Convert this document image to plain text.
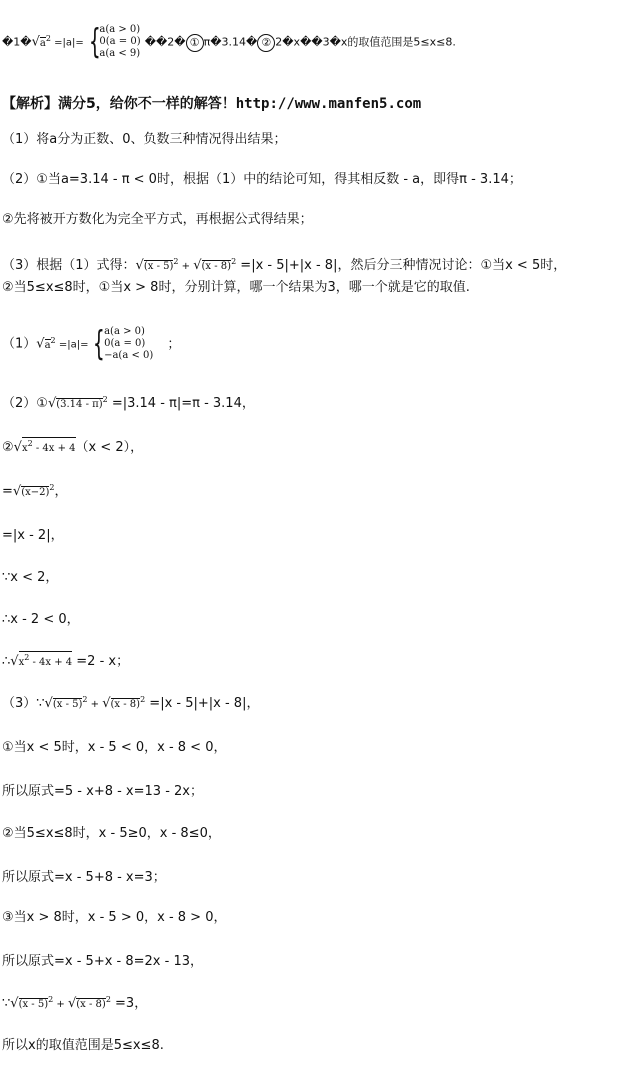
$�1�√a^2 =|a|= \{a(a > 0)$
0(a = 0)
a(a < 9) ��2� ① π�3.14� ② 2�x��3�x的取值范围是5≤x≤8.
【解析】满分5，给你不一样的解答！http://www.manfen5.com
（1）将a分为正数、0、负数三种情况得出结果；
（2）①当a=3.14 - π < 0时，根据（1）中的结论可知，得其相反数 - a，即得π - 3.14；
②先将被开方数化为完全平方式，再根据公式得结果；
（3）根据（1）式得：√(x - 5)$^2$ + √(x - 8)$^2$ =|x - 5|+|x - 8|，然后分三种情况讨论：①当x < 5时，
②当5≤x≤8时，①当x > 8时，分别计算，哪一个结果为3，哪一个就是它的取值.
$(1)√a^2 =|a|= \{a(a > 0)$
0(a = 0)
−a(a < 0)；
（2）①√(3.14 - π)$^2$ =|3.14 - π|=π - 3.14，
$②√x^2 - 4x + 4(x < 2)$，
$=√(x-2)^2$，
=|x - 2|，
∵x < 2，
∴x - 2 < 0，
$\therefore√x^2 - 4x + 4 =2 - x$；
（3）∵√(x - 5)$^2$ + √(x - 8)$^2$ =|x - 5|+|x - 8|，
①当x < 5时，x - 5 < 0，x - 8 < 0，
所以原式=5 - x+8 - x=13 - 2x；
②当5≤x≤8时，x - 5≥0，x - 8≤0，
所以原式=x - 5+8 - x=3；
③当x > 8时，x - 5 > 0，x - 8 > 0，
所以原式=x - 5+x - 8=2x - 13，
∵√(x - 5)$^2$ + √(x - 8)$^2$ =3，
所以x的取值范围是5≤x≤8.
